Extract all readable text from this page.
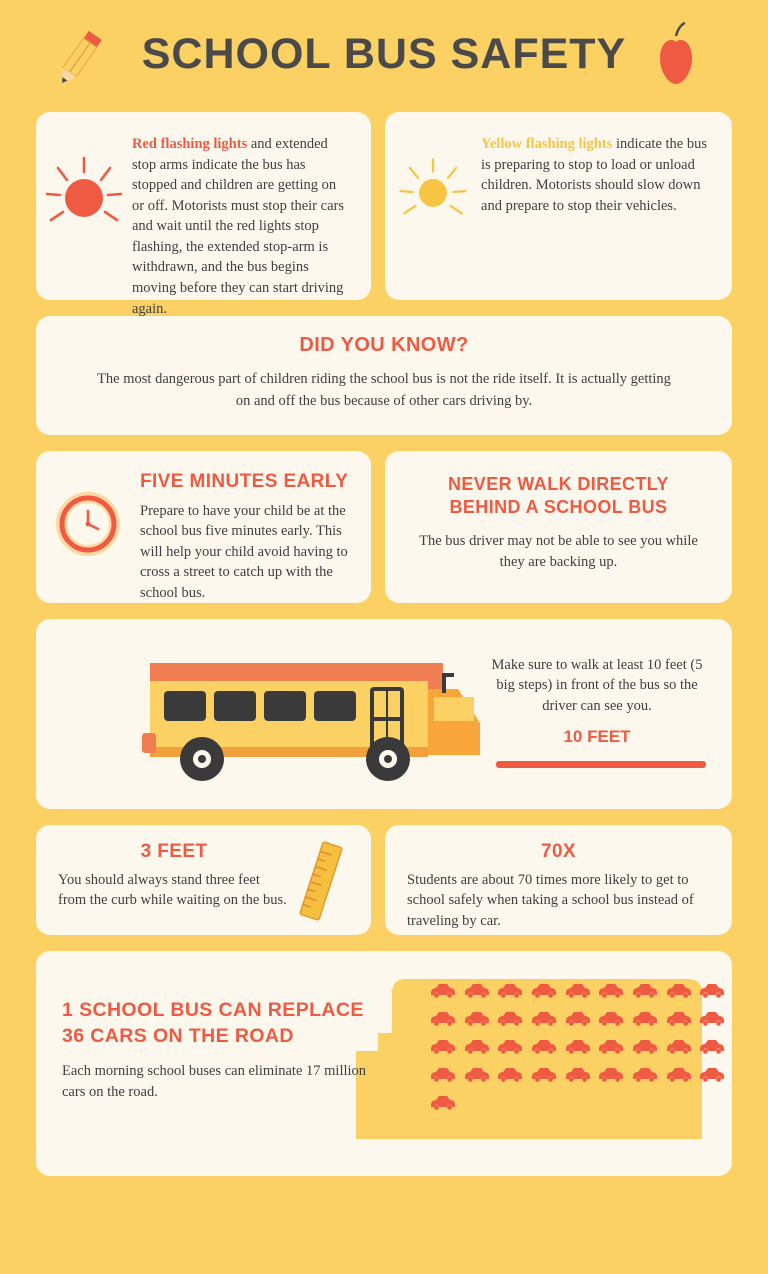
SCHOOL BUS SAFETY
Red flashing lights and extended stop arms indicate the bus has stopped and children are getting on or off. Motorists must stop their cars and wait until the red lights stop flashing, the extended stop-arm is withdrawn, and the bus begins moving before they can start driving again.
Yellow flashing lights indicate the bus is preparing to stop to load or unload children. Motorists should slow down and prepare to stop their vehicles.
DID YOU KNOW?

The most dangerous part of children riding the school bus is not the ride itself. It is actually getting on and off the bus because of other cars driving by.

FIVE MINUTES EARLY

Prepare to have your child be at the school bus five minutes early. This will help your child avoid having to cross a street to catch up with the school bus.

NEVER WALK DIRECTLY BEHIND A SCHOOL BUS

The bus driver may not be able to see you while they are backing up.

Make sure to walk at least 10 feet (5 big steps) in front of the bus so the driver can see you.

10 FEET
3 FEET

You should always stand three feet from the curb while waiting on the bus.

70X

Students are about 70 times more likely to get to school safely when taking a school bus instead of traveling by car.

1 SCHOOL BUS CAN REPLACE 36 CARS ON THE ROAD

Each morning school buses can eliminate 17 million cars on the road.
